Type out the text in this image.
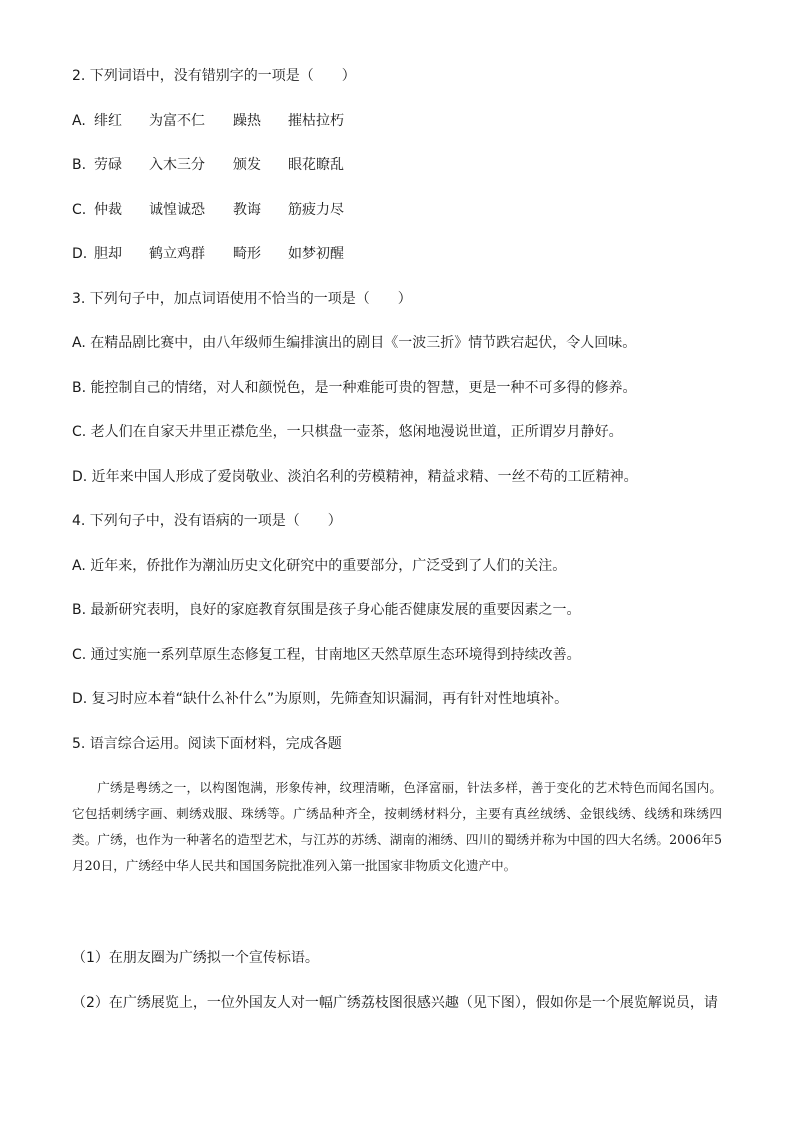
2. 下列词语中，没有错别字的一项是（　　）
A. 绯红 为富不仁 躁热 摧枯拉朽
B. 劳碌 入木三分 颁发 眼花瞭乱
C. 仲裁 诚惶诚恐 教诲 筋疲力尽
D. 胆却 鹤立鸡群 畸形 如梦初醒
3. 下列句子中，加点词语使用不恰当的一项是（　　）
A. 在精品剧比赛中，由八年级师生编排演出的剧目《一波三折》情节跌宕起伏，令人回味。
B. 能控制自己的情绪，对人和颜悦色，是一种难能可贵的智慧，更是一种不可多得的修养。
C. 老人们在自家天井里正襟危坐，一只棋盘一壶茶，悠闲地漫说世道，正所谓岁月静好。
D. 近年来中国人形成了爱岗敬业、淡泊名利的劳模精神，精益求精、一丝不苟的工匠精神。
4. 下列句子中，没有语病的一项是（　　）
A. 近年来，侨批作为潮汕历史文化研究中的重要部分，广泛受到了人们的关注。
B. 最新研究表明，良好的家庭教育氛围是孩子身心能否健康发展的重要因素之一。
C. 通过实施一系列草原生态修复工程，甘南地区天然草原生态环境得到持续改善。
D. 复习时应本着“缺什么补什么”为原则，先筛查知识漏洞，再有针对性地填补。
5. 语言综合运用。阅读下面材料，完成各题

广绣是粤绣之一，以构图饱满，形象传神，纹理清晰，色泽富丽，针法多样，善于变化的艺术特色而闻名国内。它包括刺绣字画、刺绣戏服、珠绣等。广绣品种齐全，按刺绣材料分，主要有真丝绒绣、金银线绣、线绣和珠绣四类。广绣，也作为一种著名的造型艺术，与江苏的苏绣、湖南的湘绣、四川的蜀绣并称为中国的四大名绣。2006年5月20日，广绣经中华人民共和国国务院批准列入第一批国家非物质文化遗产中。

（1）在朋友圈为广绣拟一个宣传标语。
（2）在广绣展览上，一位外国友人对一幅广绣荔枝图很感兴趣（见下图），假如你是一个展览解说员，请
